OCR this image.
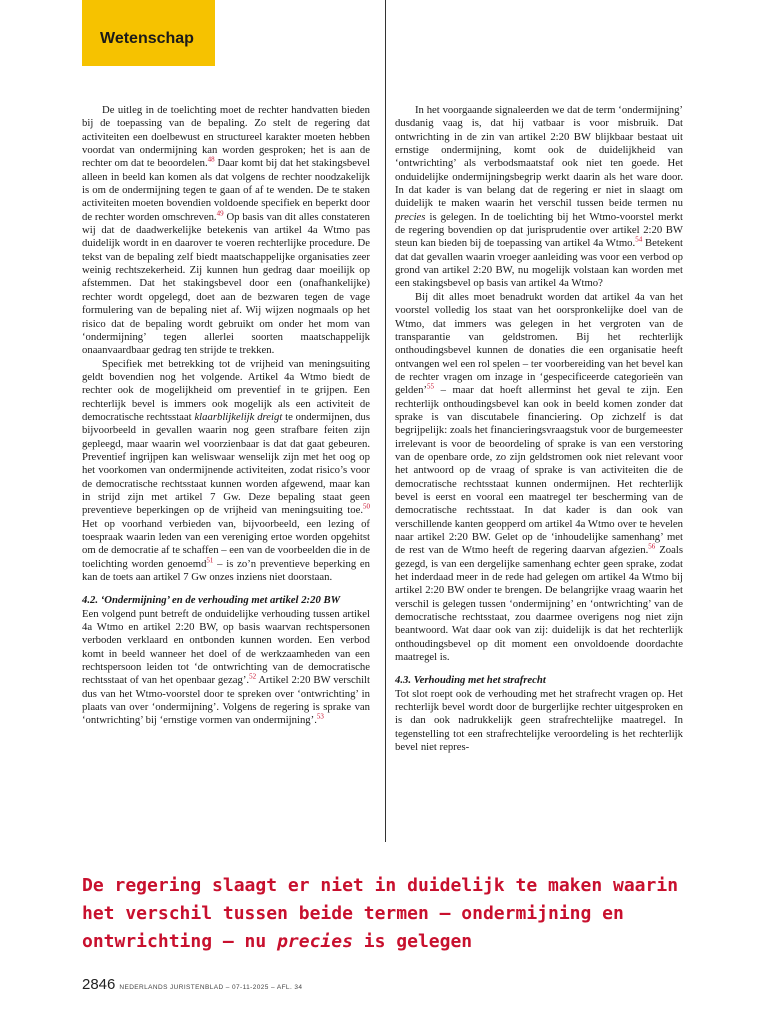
Wetenschap

De uitleg in de toelichting moet de rechter handvatten bieden bij de toepassing van de bepaling. Zo stelt de regering dat activiteiten een doelbewust en structureel karakter moeten hebben voordat van ondermijning kan worden gesproken; het is aan de rechter om dat te beoordelen.$^{48}$ Daar komt bij dat het stakingsbevel alleen in beeld kan komen als dat volgens de rechter noodzakelijk is om de ondermijning tegen te gaan of af te wenden. De te staken activiteiten moeten bovendien voldoende specifiek en beperkt door de rechter worden omschreven.$^{49}$ Op basis van dit alles constateren wij dat de daadwerkelijke betekenis van artikel 4a Wtmo pas duidelijk wordt in en daarover te voeren rechterlijke procedure. De tekst van de bepaling zelf biedt maatschappelijke organisaties zeer weinig rechtszekerheid. Zij kunnen hun gedrag daar moeilijk op afstemmen. Dat het stakingsbevel door een (onafhankelijke) rechter wordt opgelegd, doet aan de bezwaren tegen de vage formulering van de bepaling niet af. Wij wijzen nogmaals op het risico dat de bepaling wordt gebruikt om onder het mom van ‘ondermijning’ tegen allerlei soorten maatschappelijk onaanvaardbaar gedrag ten strijde te trekken.

Specifiek met betrekking tot de vrijheid van meningsuiting geldt bovendien nog het volgende. Artikel 4a Wtmo biedt de rechter ook de mogelijkheid om preventief in te grijpen. Een rechterlijk bevel is immers ook mogelijk als een activiteit de democratische rechtsstaat klaarblijkelijk dreigt te ondermijnen, dus bijvoorbeeld in gevallen waarin nog geen strafbare feiten zijn gepleegd, maar waarin wel voorzienbaar is dat dat gaat gebeuren. Preventief ingrijpen kan weliswaar wenselijk zijn met het oog op het voorkomen van ondermijnende activiteiten, zodat risico’s voor de democratische rechtsstaat kunnen worden afgewend, maar kan in strijd zijn met artikel 7 Gw. Deze bepaling staat geen preventieve beperkingen op de vrijheid van meningsuiting toe.$^{50}$ Het op voorhand verbieden van, bijvoorbeeld, een lezing of toespraak waarin leden van een vereniging ertoe worden opgehitst om de democratie af te schaffen – een van de voorbeelden die in de toelichting worden genoemd$^{51}$ – is zo’n preventieve beperking en kan de toets aan artikel 7 Gw onzes inziens niet doorstaan.

4.2. ‘Ondermijning’ en de verhouding met artikel 2:20 BW

Een volgend punt betreft de onduidelijke verhouding tussen artikel 4a Wtmo en artikel 2:20 BW, op basis waarvan rechtspersonen verboden verklaard en ontbonden kunnen worden. Een verbod komt in beeld wanneer het doel of de werkzaamheden van een rechtspersoon leiden tot ‘de ontwrichting van de democratische rechtsstaat of van het openbaar gezag’.$^{52}$ Artikel 2:20 BW verschilt dus van het Wtmo-voorstel door te spreken over ‘ontwrichting’ in plaats van over ‘ondermijning’. Volgens de regering is sprake van ‘ontwrichting’ bij ‘ernstige vormen van ondermijning’.$^{53}$

In het voorgaande signaleerden we dat de term ‘ondermijning’ dusdanig vaag is, dat hij vatbaar is voor misbruik. Dat ontwrichting in de zin van artikel 2:20 BW blijkbaar bestaat uit ernstige ondermijning, komt ook de duidelijkheid van ‘ontwrichting’ als verbodsmaatstaf ook niet ten goede. Het onduidelijke ondermijningsbegrip werkt daarin als het ware door. In dat kader is van belang dat de regering er niet in slaagt om duidelijk te maken waarin het verschil tussen beide termen nu precies is gelegen. In de toelichting bij het Wtmo-voorstel merkt de regering bovendien op dat jurisprudentie over artikel 2:20 BW steun kan bieden bij de toepassing van artikel 4a Wtmo.$^{54}$ Betekent dat dat gevallen waarin vroeger aanleiding was voor een verbod op grond van artikel 2:20 BW, nu mogelijk volstaan kan worden met een stakingsbevel op basis van artikel 4a Wtmo?

Bij dit alles moet benadrukt worden dat artikel 4a van het voorstel volledig los staat van het oorspronkelijke doel van de Wtmo, dat immers was gelegen in het vergroten van de transparantie van geldstromen. Bij het rechterlijk onthoudingsbevel kunnen de donaties die een organisatie heeft ontvangen wel een rol spelen – ter voorbereiding van het bevel kan de rechter vragen om inzage in ‘gespecificeerde categorieën van gelden’$^{55}$ – maar dat hoeft allerminst het geval te zijn. Een rechterlijk onthoudingsbevel kan ook in beeld komen zonder dat sprake is van discutabele financiering. Op zichzelf is dat begrijpelijk: zoals het financieringsvraagstuk voor de burgemeester irrelevant is voor de beoordeling of sprake is van een verstoring van de openbare orde, zo zijn geldstromen ook niet relevant voor het antwoord op de vraag of sprake is van activiteiten die de democratische rechtsstaat kunnen ondermijnen. Het rechterlijk bevel is eerst en vooral een maatregel ter bescherming van de democratische rechtsstaat. In dat kader is dan ook van verschillende kanten geopperd om artikel 4a Wtmo over te hevelen naar artikel 2:20 BW. Gelet op de ‘inhoudelijke samenhang’ met de rest van de Wtmo heeft de regering daarvan afgezien.$^{56}$ Zoals gezegd, is van een dergelijke samenhang echter geen sprake, zodat het inderdaad meer in de rede had gelegen om artikel 4a Wtmo bij artikel 2:20 BW onder te brengen. De belangrijke vraag waarin het verschil is gelegen tussen ‘ondermijning’ en ‘ontwrichting’ van de democratische rechtsstaat, zou daarmee overigens nog niet zijn beantwoord. Wat daar ook van zij: duidelijk is dat het rechterlijk onthoudingsbevel op dit moment een onvoldoende doordachte maatregel is.

4.3. Verhouding met het strafrecht

Tot slot roept ook de verhouding met het strafrecht vragen op. Het rechterlijk bevel wordt door de burgerlijke rechter uitgesproken en is dan ook nadrukkelijk geen strafrechtelijke maatregel. In tegenstelling tot een strafrechtelijke veroordeling is het rechterlijk bevel niet repres-

De regering slaagt er niet in duidelijk te maken waarin het verschil tussen beide termen – ondermijning en ontwrichting – nu precies is gelegen
2846 NEDERLANDS JURISTENBLAD – 07-11-2025 – AFL. 34
